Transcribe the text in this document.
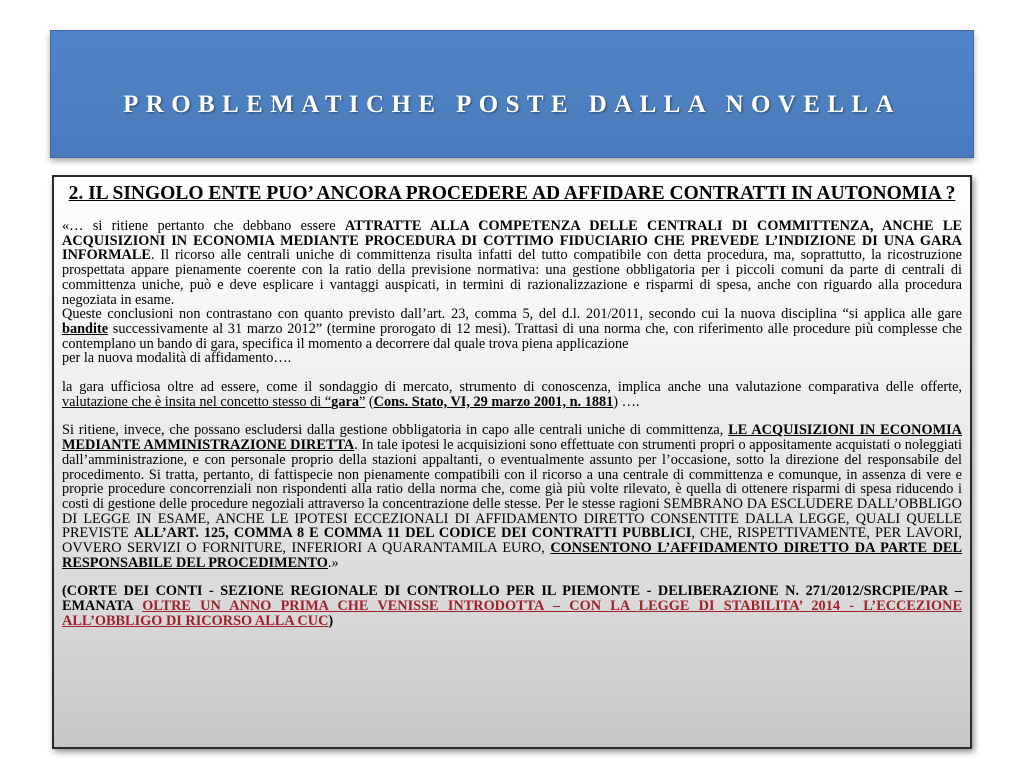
PROBLEMATICHE POSTE DALLA NOVELLA
2. IL SINGOLO ENTE PUO’ ANCORA PROCEDERE AD AFFIDARE CONTRATTI IN AUTONOMIA ?

«… si ritiene pertanto che debbano essere ATTRATTE ALLA COMPETENZA DELLE CENTRALI DI COMMITTENZA, ANCHE LE ACQUISIZIONI IN ECONOMIA MEDIANTE PROCEDURA DI COTTIMO FIDUCIARIO CHE PREVEDE L’INDIZIONE DI UNA GARA INFORMALE. Il ricorso alle centrali uniche di committenza risulta infatti del tutto compatibile con detta procedura, ma, soprattutto, la ricostruzione prospettata appare pienamente coerente con la ratio della previsione normativa: una gestione obbligatoria per i piccoli comuni da parte di centrali di committenza uniche, può e deve esplicare i vantaggi auspicati, in termini di razionalizzazione e risparmi di spesa, anche con riguardo alla procedura negoziata in esame.

Queste conclusioni non contrastano con quanto previsto dall’art. 23, comma 5, del d.l. 201/2011, secondo cui la nuova disciplina “si applica alle gare bandite successivamente al 31 marzo 2012” (termine prorogato di 12 mesi). Trattasi di una norma che, con riferimento alle procedure più complesse che contemplano un bando di gara, specifica il momento a decorrere dal quale trova piena applicazione

per la nuova modalità di affidamento….

la gara ufficiosa oltre ad essere, come il sondaggio di mercato, strumento di conoscenza, implica anche una valutazione comparativa delle offerte, valutazione che è insita nel concetto stesso di “gara” (Cons. Stato, VI, 29 marzo 2001, n. 1881) ….

Si ritiene, invece, che possano escludersi dalla gestione obbligatoria in capo alle centrali uniche di committenza, LE ACQUISIZIONI IN ECONOMIA MEDIANTE AMMINISTRAZIONE DIRETTA. In tale ipotesi le acquisizioni sono effettuate con strumenti propri o appositamente acquistati o noleggiati dall’amministrazione, e con personale proprio della stazioni appaltanti, o eventualmente assunto per l’occasione, sotto la direzione del responsabile del procedimento. Si tratta, pertanto, di fattispecie non pienamente compatibili con il ricorso a una centrale di committenza e comunque, in assenza di vere e proprie procedure concorrenziali non rispondenti alla ratio della norma che, come già più volte rilevato, è quella di ottenere risparmi di spesa riducendo i costi di gestione delle procedure negoziali attraverso la concentrazione delle stesse. Per le stesse ragioni SEMBRANO DA ESCLUDERE DALL’OBBLIGO DI LEGGE IN ESAME, ANCHE LE IPOTESI ECCEZIONALI DI AFFIDAMENTO DIRETTO CONSENTITE DALLA LEGGE, QUALI QUELLE PREVISTE ALL’ART. 125, COMMA 8 E COMMA 11 DEL CODICE DEI CONTRATTI PUBBLICI, CHE, RISPETTIVAMENTE, PER LAVORI, OVVERO SERVIZI O FORNITURE, INFERIORI A QUARANTAMILA EURO, CONSENTONO L’AFFIDAMENTO DIRETTO DA PARTE DEL RESPONSABILE DEL PROCEDIMENTO.»

(CORTE DEI CONTI - SEZIONE REGIONALE DI CONTROLLO PER IL PIEMONTE - DELIBERAZIONE N. 271/2012/SRCPIE/PAR – EMANATA OLTRE UN ANNO PRIMA CHE VENISSE INTRODOTTA – CON LA LEGGE DI STABILITA’ 2014 - L’ECCEZIONE ALL’OBBLIGO DI RICORSO ALLA CUC)
